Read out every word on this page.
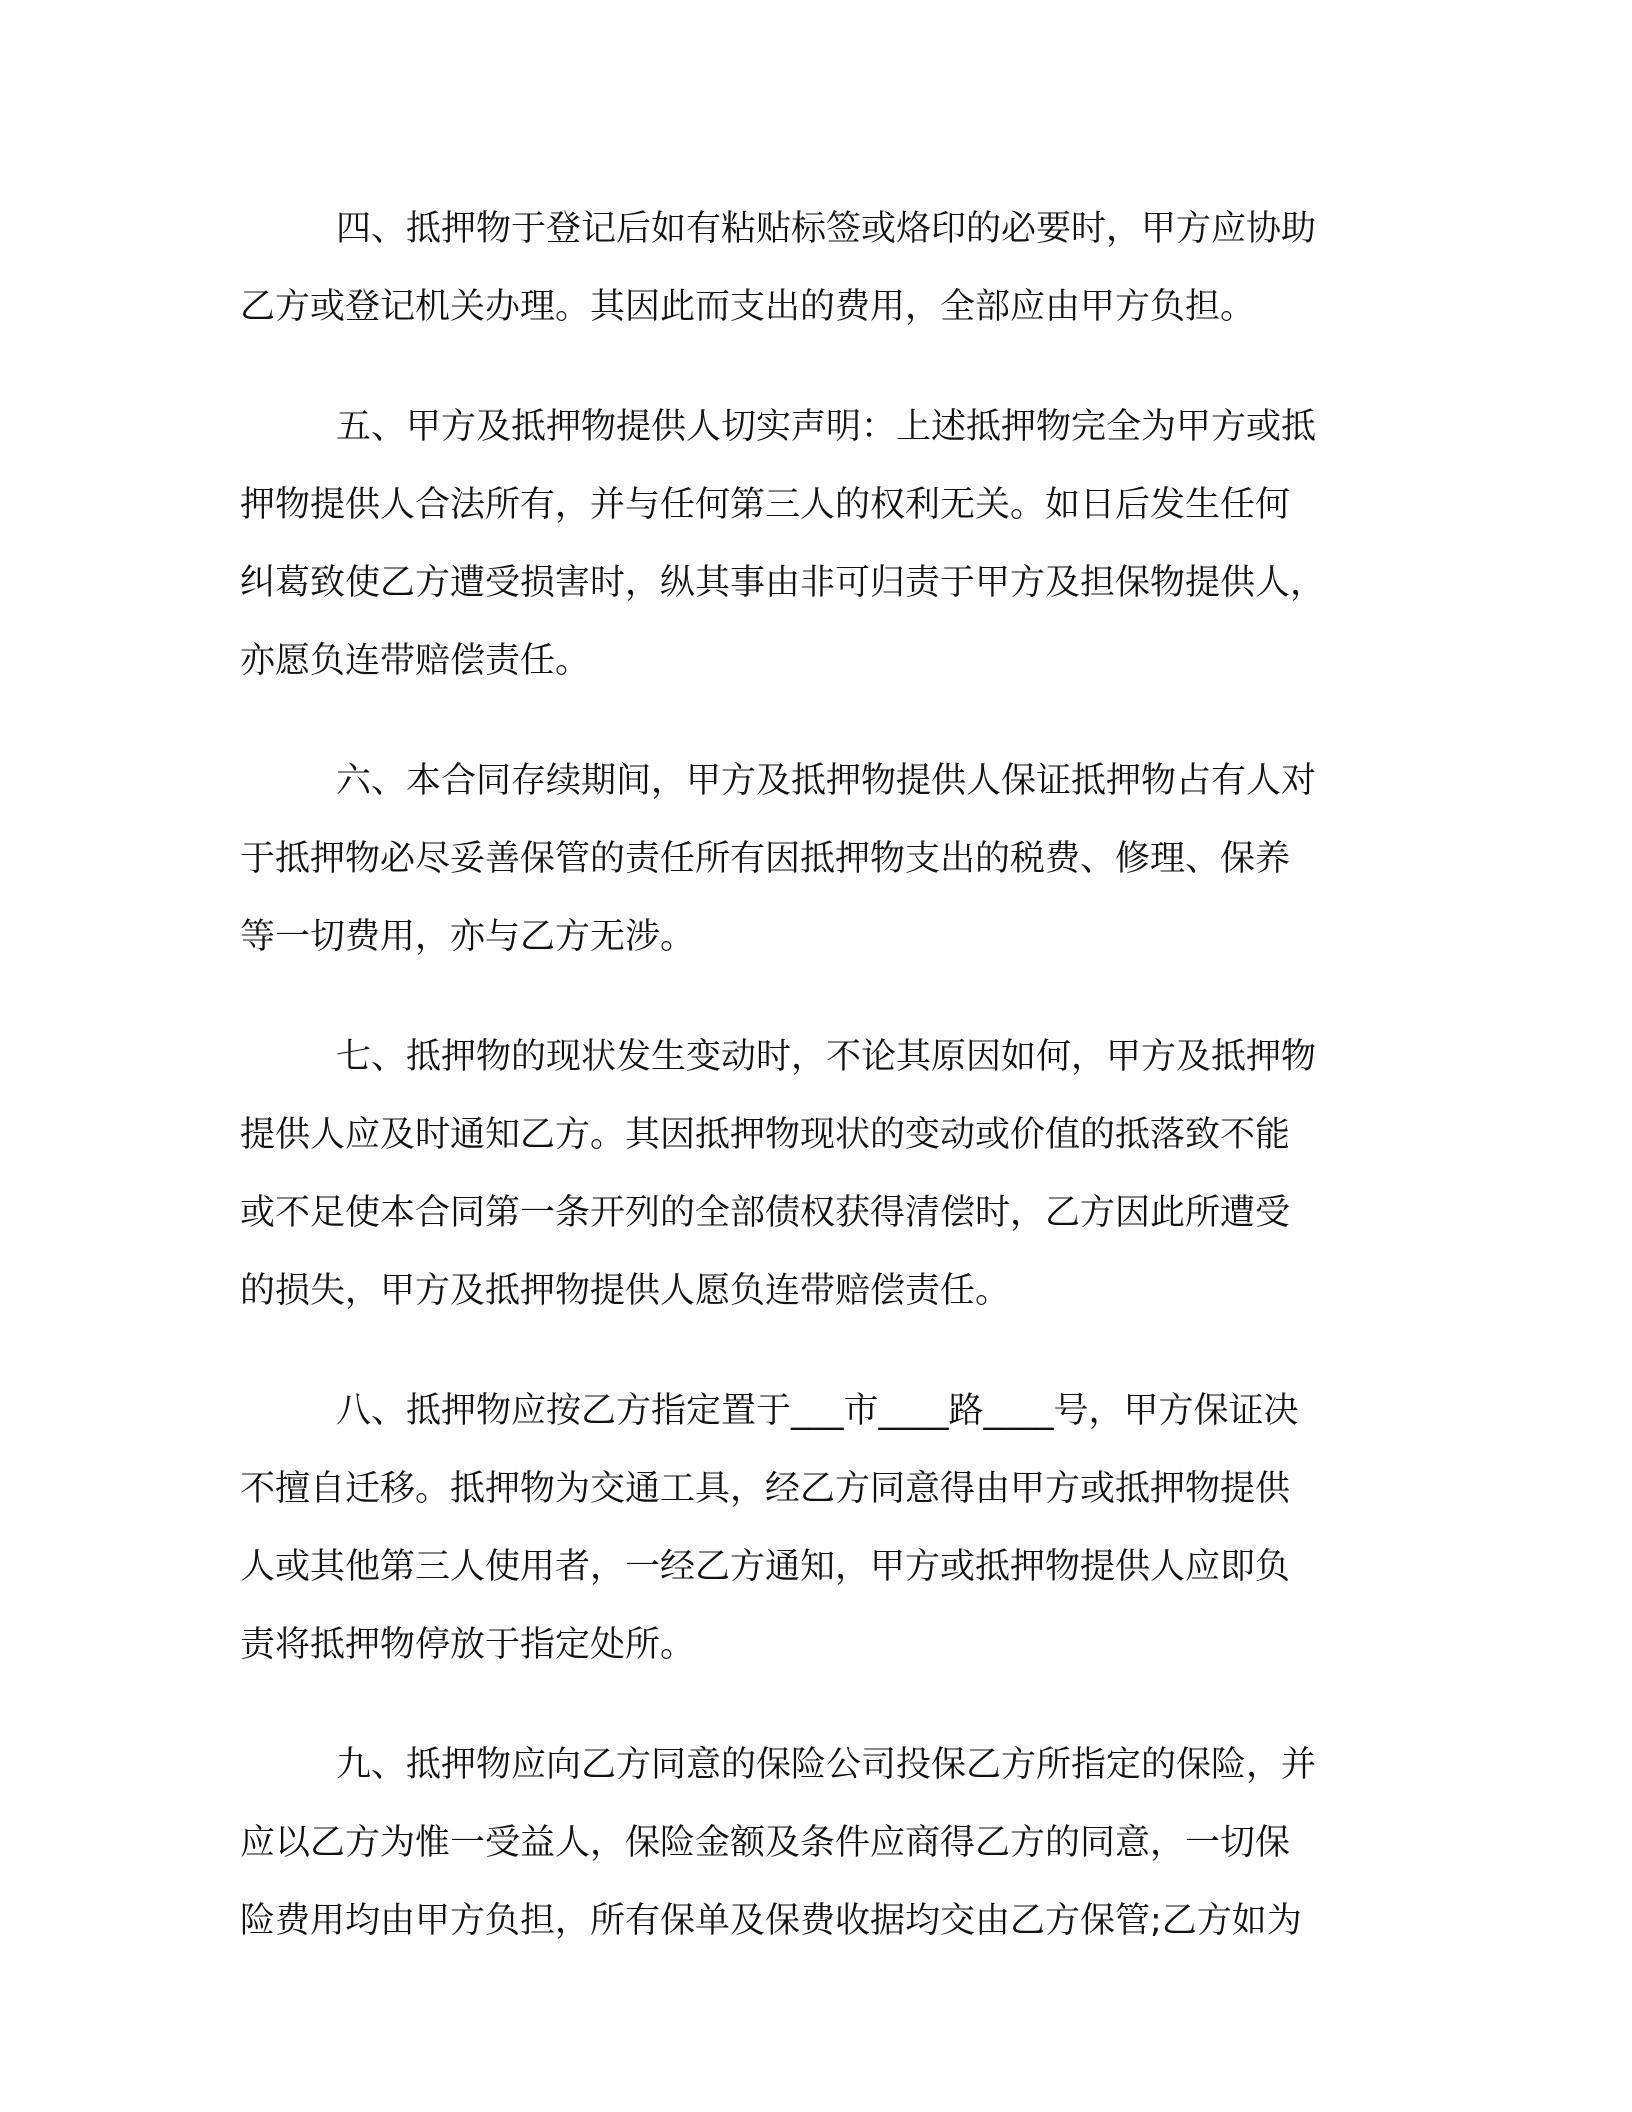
四、抵押物于登记后如有粘贴标签或烙印的必要时，甲方应协助
乙方或登记机关办理。其因此而支出的费用，全部应由甲方负担。
五、甲方及抵押物提供人切实声明：上述抵押物完全为甲方或抵
押物提供人合法所有，并与任何第三人的权利无关。如日后发生任何
纠葛致使乙方遭受损害时，纵其事由非可归责于甲方及担保物提供人，
亦愿负连带赔偿责任。
六、本合同存续期间，甲方及抵押物提供人保证抵押物占有人对
于抵押物必尽妥善保管的责任所有因抵押物支出的税费、修理、保养
等一切费用，亦与乙方无涉。
七、抵押物的现状发生变动时，不论其原因如何，甲方及抵押物
提供人应及时通知乙方。其因抵押物现状的变动或价值的抵落致不能
或不足使本合同第一条开列的全部债权获得清偿时，乙方因此所遭受
的损失，甲方及抵押物提供人愿负连带赔偿责任。
八、抵押物应按乙方指定置于___市____路____号，甲方保证决
不擅自迁移。抵押物为交通工具，经乙方同意得由甲方或抵押物提供
人或其他第三人使用者，一经乙方通知，甲方或抵押物提供人应即负
责将抵押物停放于指定处所。
九、抵押物应向乙方同意的保险公司投保乙方所指定的保险，并
应以乙方为惟一受益人，保险金额及条件应商得乙方的同意，一切保
险费用均由甲方负担，所有保单及保费收据均交由乙方保管;乙方如为
